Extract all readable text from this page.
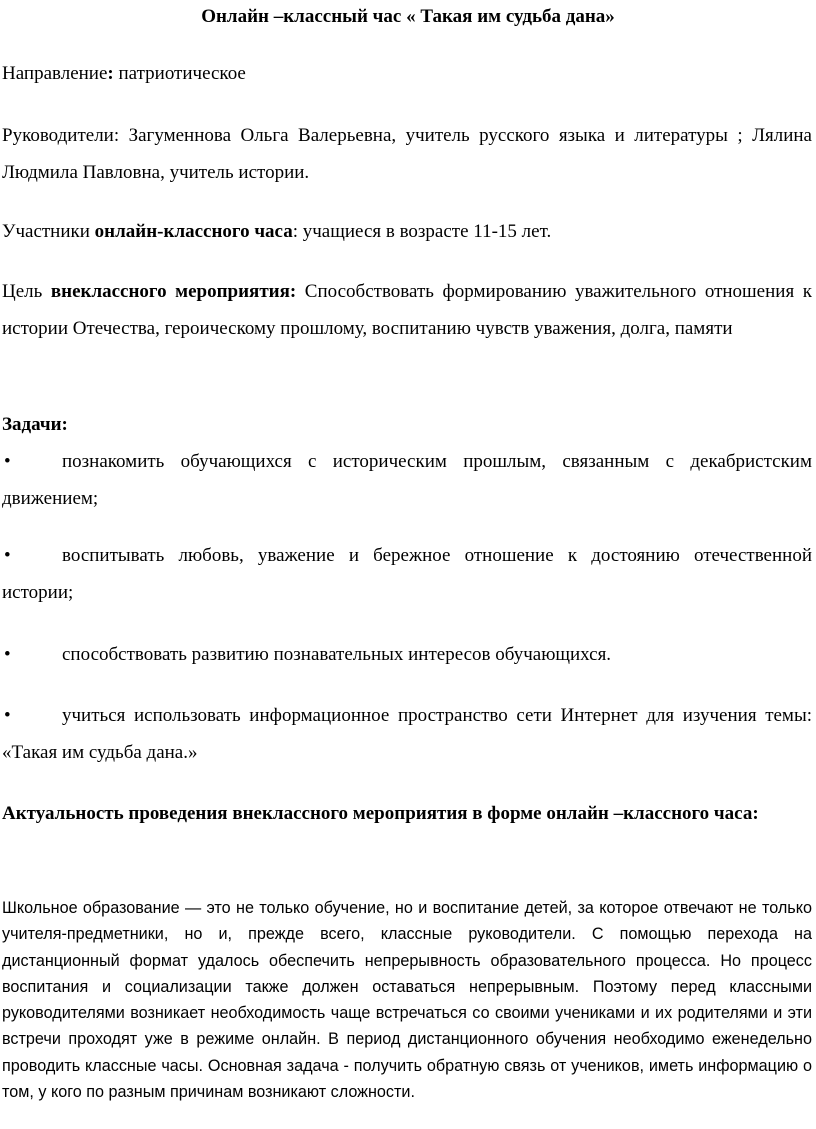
Онлайн –классный час « Такая им судьба дана»
Направление: патриотическое
Руководители: Загуменнова Ольга Валерьевна, учитель русского языка и литературы ; Лялина Людмила Павловна, учитель истории.
Участники онлайн-классного часа: учащиеся в возрасте 11-15 лет.
Цель внеклассного мероприятия: Способствовать формированию уважительного отношения к истории Отечества, героическому прошлому, воспитанию чувств уважения, долга, памяти
Задачи:
•	познакомить обучающихся с историческим прошлым, связанным с декабристским движением;
•	воспитывать любовь, уважение и бережное отношение к достоянию отечественной истории;
•	способствовать развитию познавательных интересов обучающихся.
•	учиться использовать информационное пространство сети Интернет для изучения темы: «Такая им судьба дана.»
Актуальность проведения внеклассного мероприятия в форме онлайн –классного часа:
Школьное образование — это не только обучение, но и воспитание детей, за которое отвечают не только учителя-предметники, но и, прежде всего, классные руководители. С помощью перехода на дистанционный формат удалось обеспечить непрерывность образовательного процесса. Но процесс воспитания и социализации также должен оставаться непрерывным. Поэтому перед классными руководителями возникает необходимость чаще встречаться со своими учениками и их родителями и эти встречи проходят уже в режиме онлайн. В период дистанционного обучения необходимо еженедельно проводить классные часы. Основная задача - получить обратную связь от учеников, иметь информацию о том, у кого по разным причинам возникают сложности.
